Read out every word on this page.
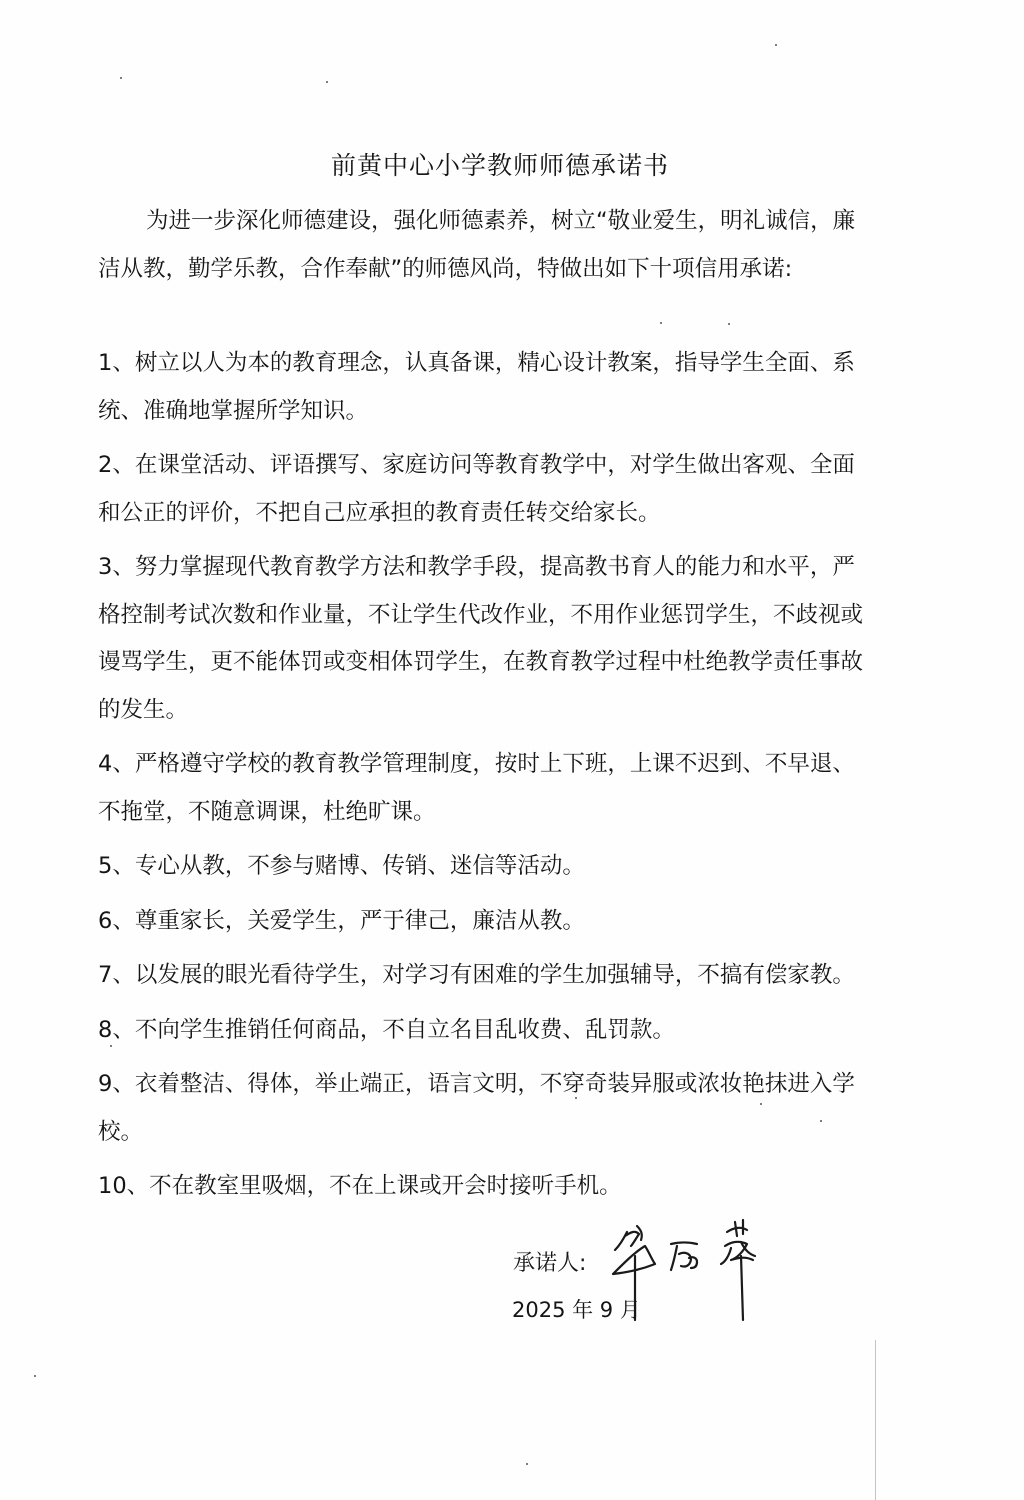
前黄中心小学教师师德承诺书
为进一步深化师德建设，强化师德素养，树立“敬业爱生，明礼诚信，廉洁从教，勤学乐教，合作奉献”的师德风尚，特做出如下十项信用承诺:

1、树立以人为本的教育理念，认真备课，精心设计教案，指导学生全面、系统、准确地掌握所学知识。

2、在课堂活动、评语撰写、家庭访问等教育教学中，对学生做出客观、全面和公正的评价，不把自己应承担的教育责任转交给家长。

3、努力掌握现代教育教学方法和教学手段，提高教书育人的能力和水平，严格控制考试次数和作业量，不让学生代改作业，不用作业惩罚学生，不歧视或谩骂学生，更不能体罚或变相体罚学生，在教育教学过程中杜绝教学责任事故的发生。

4、严格遵守学校的教育教学管理制度，按时上下班，上课不迟到、不早退、不拖堂，不随意调课，杜绝旷课。

5、专心从教，不参与赌博、传销、迷信等活动。

6、尊重家长，关爱学生，严于律己，廉洁从教。

7、以发展的眼光看待学生，对学习有困难的学生加强辅导，不搞有偿家教。

8、不向学生推销任何商品，不自立名目乱收费、乱罚款。

9、衣着整洁、得体，举止端正，语言文明，不穿奇装异服或浓妆艳抹进入学校。

10、不在教室里吸烟，不在上课或开会时接听手机。

承诺人:
2025 年 9 月
